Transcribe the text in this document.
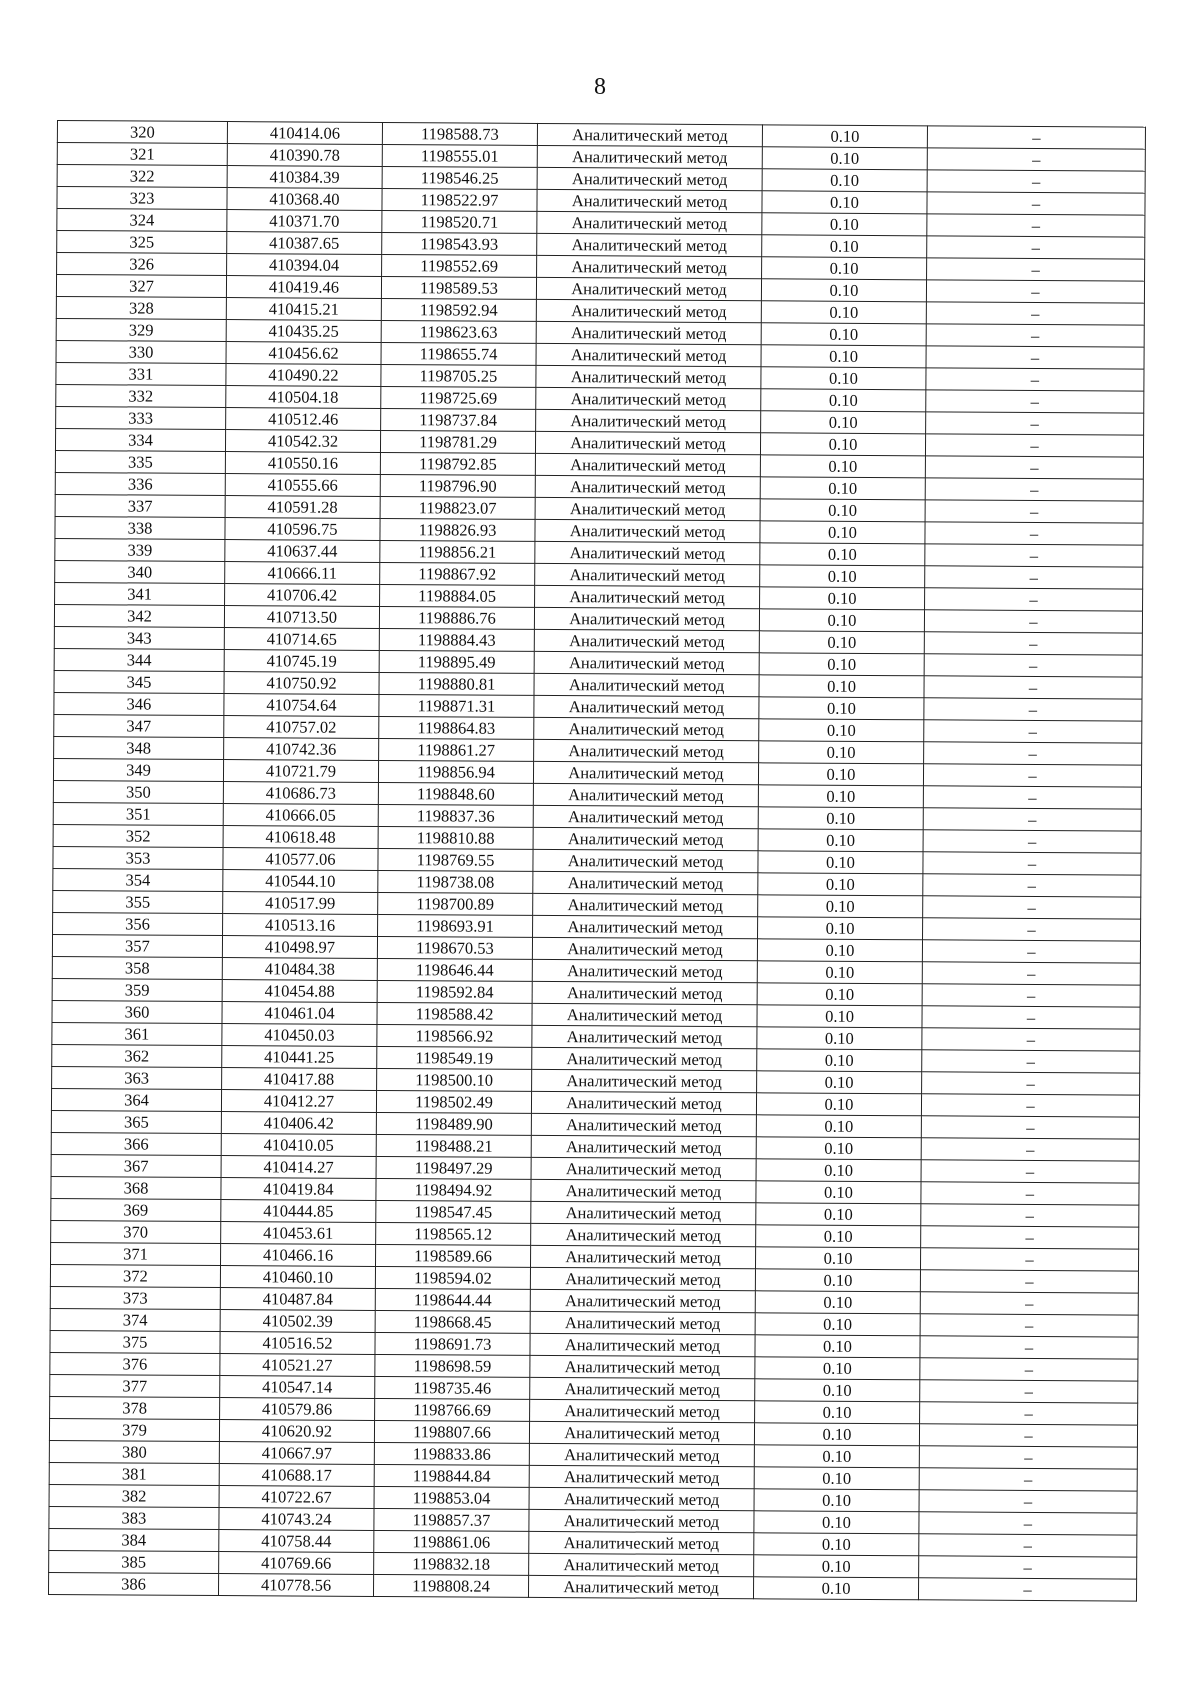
8
320	410414.06	1198588.73	Аналитический метод	0.10	–
321	410390.78	1198555.01	Аналитический метод	0.10	–
322	410384.39	1198546.25	Аналитический метод	0.10	–
323	410368.40	1198522.97	Аналитический метод	0.10	–
324	410371.70	1198520.71	Аналитический метод	0.10	–
325	410387.65	1198543.93	Аналитический метод	0.10	–
326	410394.04	1198552.69	Аналитический метод	0.10	–
327	410419.46	1198589.53	Аналитический метод	0.10	–
328	410415.21	1198592.94	Аналитический метод	0.10	–
329	410435.25	1198623.63	Аналитический метод	0.10	–
330	410456.62	1198655.74	Аналитический метод	0.10	–
331	410490.22	1198705.25	Аналитический метод	0.10	–
332	410504.18	1198725.69	Аналитический метод	0.10	–
333	410512.46	1198737.84	Аналитический метод	0.10	–
334	410542.32	1198781.29	Аналитический метод	0.10	–
335	410550.16	1198792.85	Аналитический метод	0.10	–
336	410555.66	1198796.90	Аналитический метод	0.10	–
337	410591.28	1198823.07	Аналитический метод	0.10	–
338	410596.75	1198826.93	Аналитический метод	0.10	–
339	410637.44	1198856.21	Аналитический метод	0.10	–
340	410666.11	1198867.92	Аналитический метод	0.10	–
341	410706.42	1198884.05	Аналитический метод	0.10	–
342	410713.50	1198886.76	Аналитический метод	0.10	–
343	410714.65	1198884.43	Аналитический метод	0.10	–
344	410745.19	1198895.49	Аналитический метод	0.10	–
345	410750.92	1198880.81	Аналитический метод	0.10	–
346	410754.64	1198871.31	Аналитический метод	0.10	–
347	410757.02	1198864.83	Аналитический метод	0.10	–
348	410742.36	1198861.27	Аналитический метод	0.10	–
349	410721.79	1198856.94	Аналитический метод	0.10	–
350	410686.73	1198848.60	Аналитический метод	0.10	–
351	410666.05	1198837.36	Аналитический метод	0.10	–
352	410618.48	1198810.88	Аналитический метод	0.10	–
353	410577.06	1198769.55	Аналитический метод	0.10	–
354	410544.10	1198738.08	Аналитический метод	0.10	–
355	410517.99	1198700.89	Аналитический метод	0.10	–
356	410513.16	1198693.91	Аналитический метод	0.10	–
357	410498.97	1198670.53	Аналитический метод	0.10	–
358	410484.38	1198646.44	Аналитический метод	0.10	–
359	410454.88	1198592.84	Аналитический метод	0.10	–
360	410461.04	1198588.42	Аналитический метод	0.10	–
361	410450.03	1198566.92	Аналитический метод	0.10	–
362	410441.25	1198549.19	Аналитический метод	0.10	–
363	410417.88	1198500.10	Аналитический метод	0.10	–
364	410412.27	1198502.49	Аналитический метод	0.10	–
365	410406.42	1198489.90	Аналитический метод	0.10	–
366	410410.05	1198488.21	Аналитический метод	0.10	–
367	410414.27	1198497.29	Аналитический метод	0.10	–
368	410419.84	1198494.92	Аналитический метод	0.10	–
369	410444.85	1198547.45	Аналитический метод	0.10	–
370	410453.61	1198565.12	Аналитический метод	0.10	–
371	410466.16	1198589.66	Аналитический метод	0.10	–
372	410460.10	1198594.02	Аналитический метод	0.10	–
373	410487.84	1198644.44	Аналитический метод	0.10	–
374	410502.39	1198668.45	Аналитический метод	0.10	–
375	410516.52	1198691.73	Аналитический метод	0.10	–
376	410521.27	1198698.59	Аналитический метод	0.10	–
377	410547.14	1198735.46	Аналитический метод	0.10	–
378	410579.86	1198766.69	Аналитический метод	0.10	–
379	410620.92	1198807.66	Аналитический метод	0.10	–
380	410667.97	1198833.86	Аналитический метод	0.10	–
381	410688.17	1198844.84	Аналитический метод	0.10	–
382	410722.67	1198853.04	Аналитический метод	0.10	–
383	410743.24	1198857.37	Аналитический метод	0.10	–
384	410758.44	1198861.06	Аналитический метод	0.10	–
385	410769.66	1198832.18	Аналитический метод	0.10	–
386	410778.56	1198808.24	Аналитический метод	0.10	–
